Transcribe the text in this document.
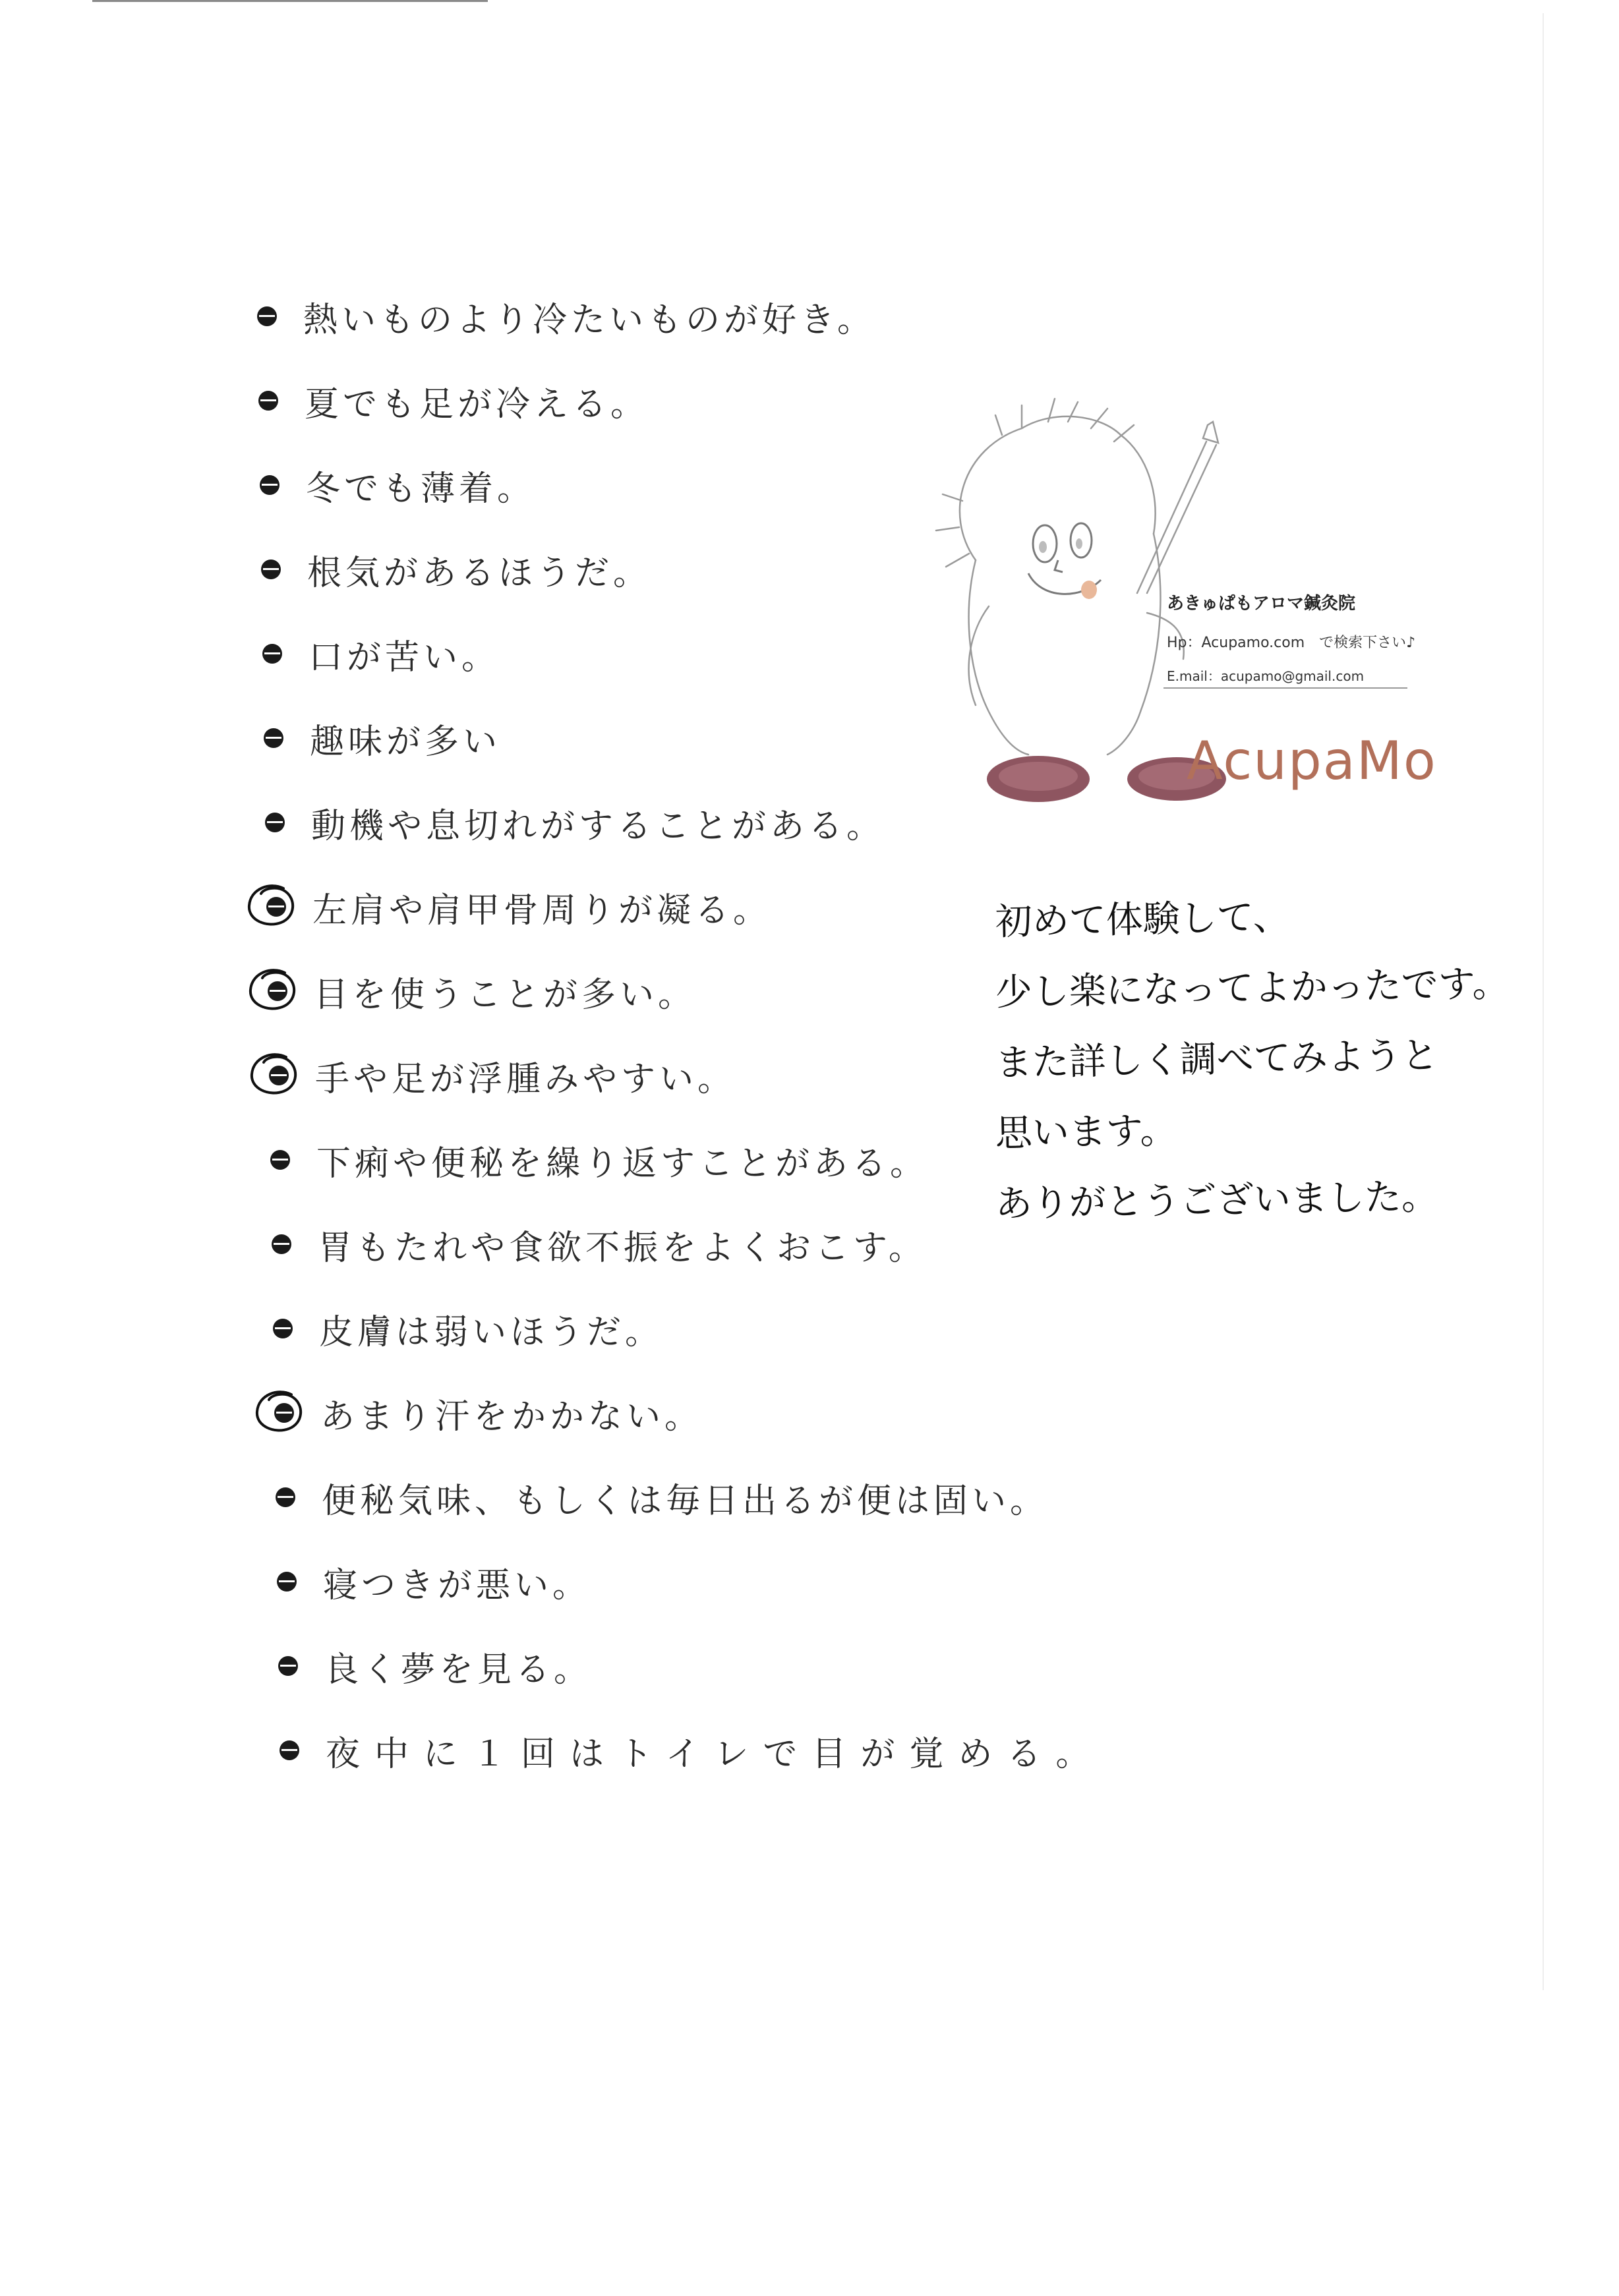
熱いものより冷たいものが好き。
夏でも足が冷える。
冬でも薄着。
根気があるほうだ。
口が苦い。
趣味が多い
動機や息切れがすることがある。
左肩や肩甲骨周りが凝る。
目を使うことが多い。
手や足が浮腫みやすい。
下痢や便秘を繰り返すことがある。
胃もたれや食欲不振をよくおこす。
皮膚は弱いほうだ。
あまり汗をかかない。
便秘気味、もしくは毎日出るが便は固い。
寝つきが悪い。
良く夢を見る。
夜中に１回はトイレで目が覚める。
あきゅぱもアロマ鍼灸院
Hp：Acupamo.com　で検索下さい♪
E.mail：acupamo@gmail.com
AcupaMo
初めて体験して、
少し楽になってよかったです。
また詳しく調べてみようと
思います。
ありがとうございました。
